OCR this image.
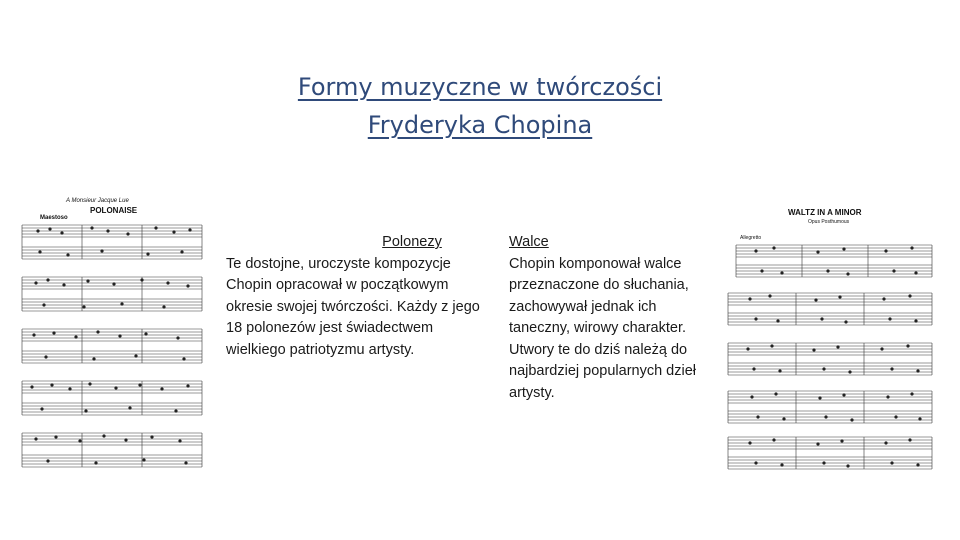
Formy muzyczne w twórczości
Fryderyka Chopina
A Monsieur Jacque Lue
POLONAISE
Maestoso
Polonezy
Te dostojne, uroczyste kompozycje Chopin opracował w początkowym okresie swojej twórczości. Każdy z jego 18 polonezów jest świadectwem wielkiego patriotyzmu artysty.
Walce
Chopin komponował walce przeznaczone do słuchania, zachowywał jednak ich taneczny, wirowy charakter. Utwory te do dziś należą do najbardziej popularnych dzieł artysty.
WALTZ IN A MINOR
Opus Posthumous
Allegretto
